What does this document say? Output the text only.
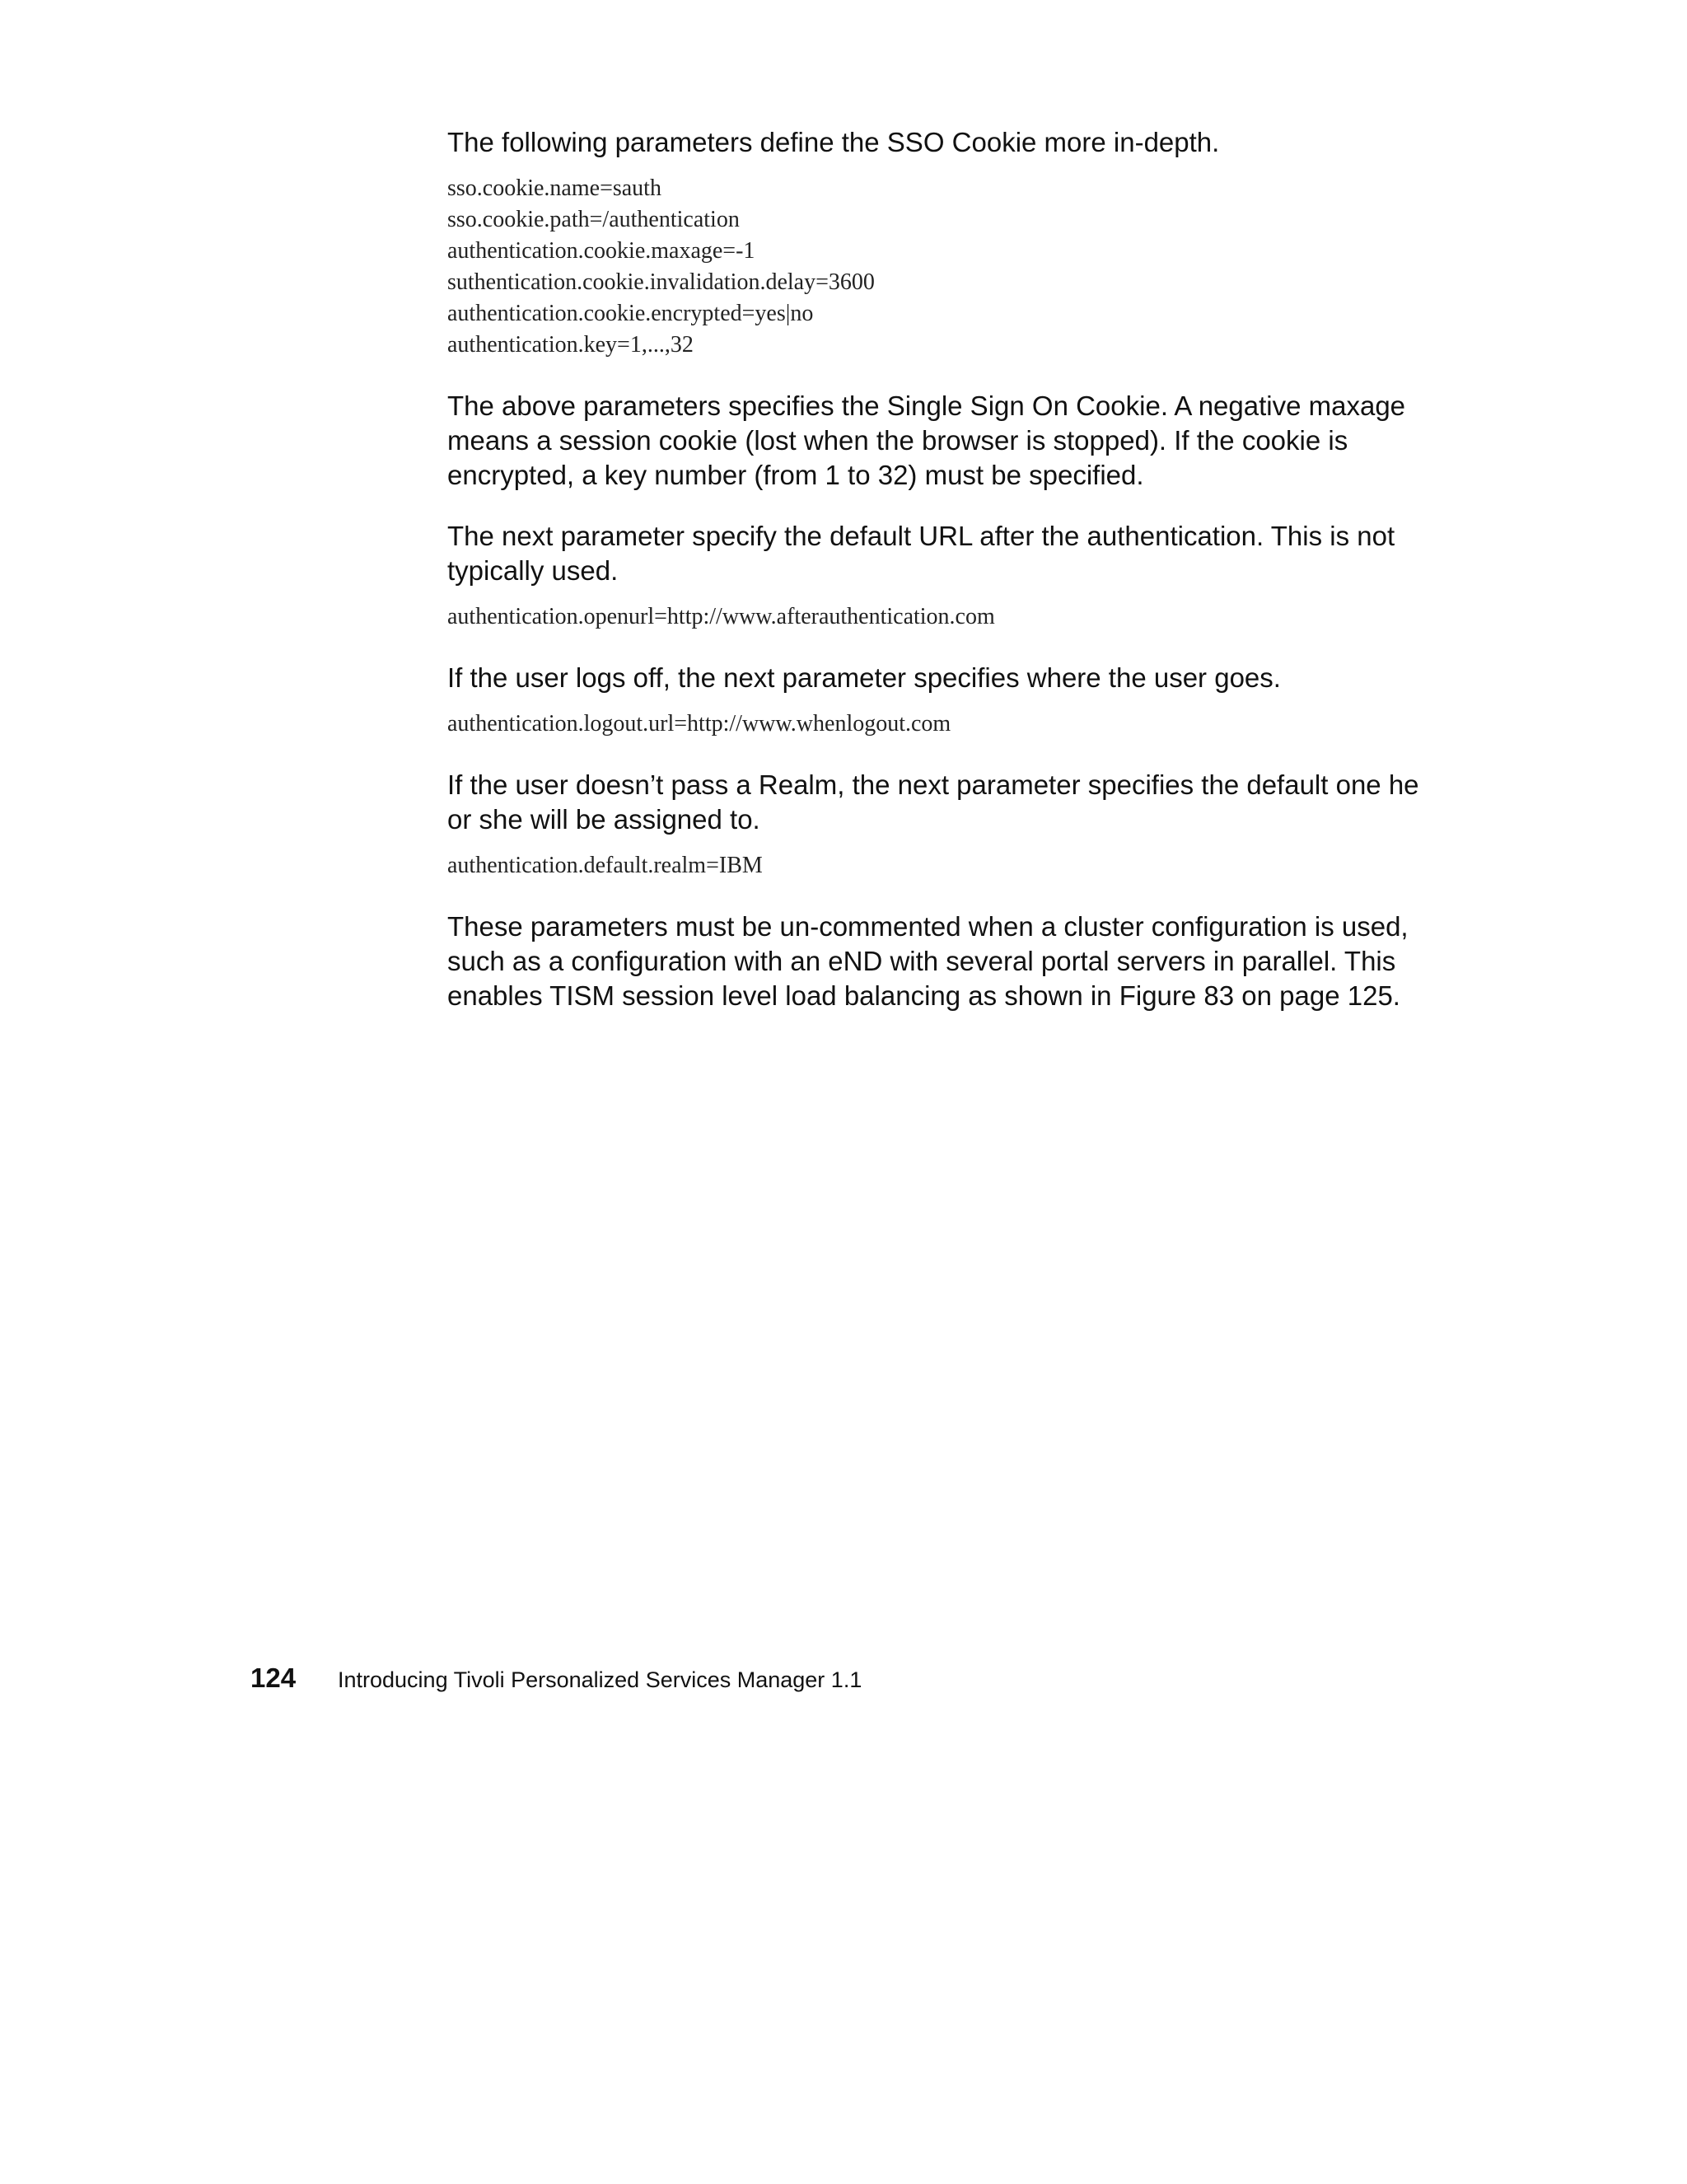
The following parameters define the SSO Cookie more in-depth.

sso.cookie.name=sauth
sso.cookie.path=/authentication
authentication.cookie.maxage=-1
suthentication.cookie.invalidation.delay=3600
authentication.cookie.encrypted=yes|no
authentication.key=1,...,32

The above parameters specifies the Single Sign On Cookie. A negative maxage means a session cookie (lost when the browser is stopped). If the cookie is encrypted, a key number (from 1 to 32) must be specified.

The next parameter specify the default URL after the authentication. This is not typically used.

authentication.openurl=http://www.afterauthentication.com

If the user logs off, the next parameter specifies where the user goes.

authentication.logout.url=http://www.whenlogout.com

If the user doesn’t pass a Realm, the next parameter specifies the default one he or she will be assigned to.

authentication.default.realm=IBM

These parameters must be un-commented when a cluster configuration is used, such as a configuration with an eND with several portal servers in parallel. This enables TISM session level load balancing as shown in Figure 83 on page 125.

124	Introducing Tivoli Personalized Services Manager 1.1
